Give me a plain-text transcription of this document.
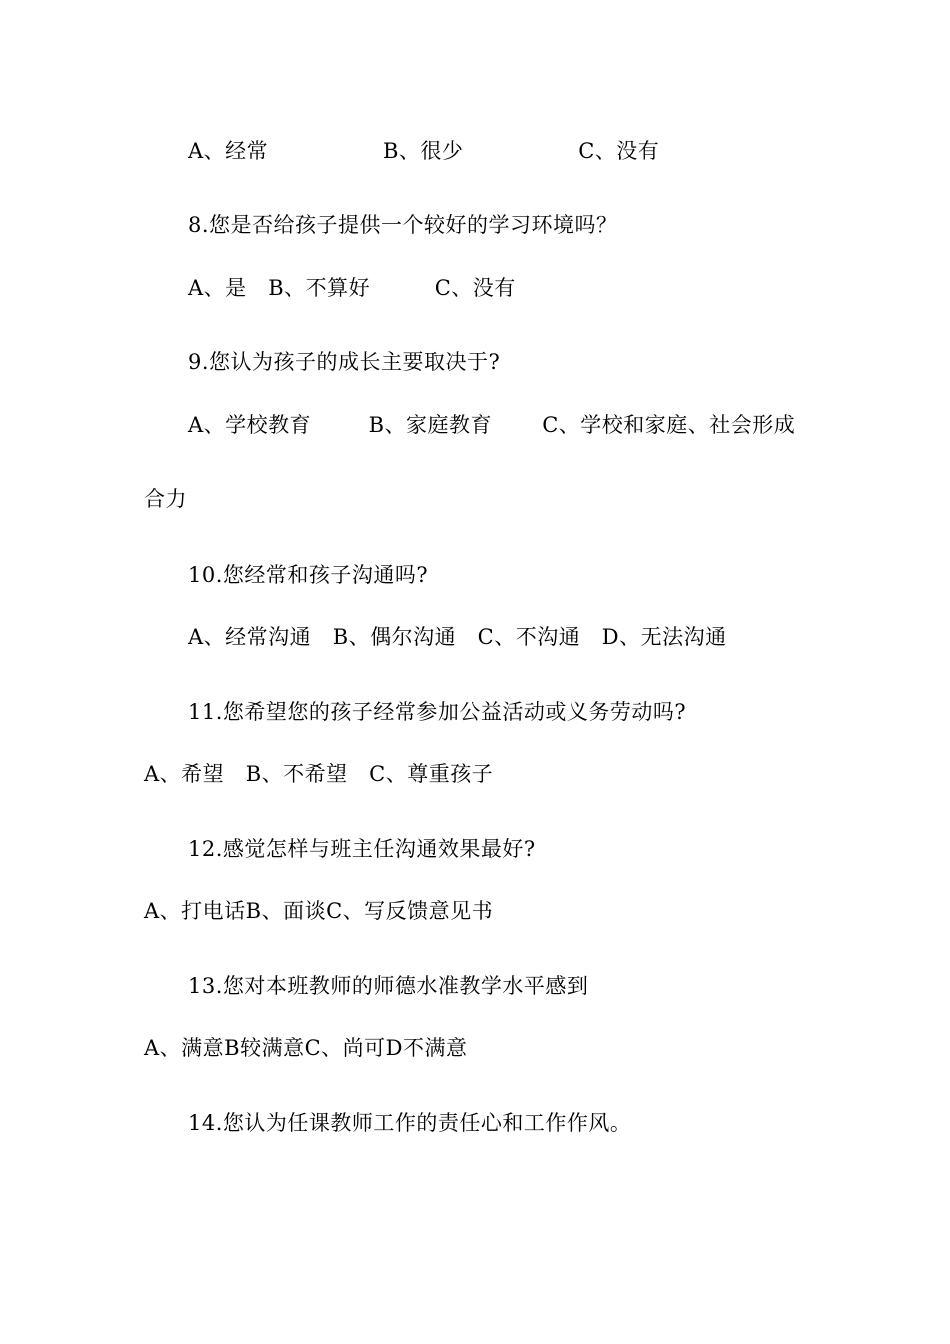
A、经常                B、很少                C、没有
8.您是否给孩子提供一个较好的学习环境吗？
A、是   B、不算好         C、没有
9.您认为孩子的成长主要取决于?
A、学校教育        B、家庭教育       C、学校和家庭、社会形成
合力
10.您经常和孩子沟通吗?
A、经常沟通   B、偶尔沟通   C、不沟通   D、无法沟通
11.您希望您的孩子经常参加公益活动或义务劳动吗?
A、希望   B、不希望   C、尊重孩子
12.感觉怎样与班主任沟通效果最好?
A、打电话B、面谈C、写反馈意见书
13.您对本班教师的师德水准教学水平感到
A、满意B较满意C、尚可D不满意
14.您认为任课教师工作的责任心和工作作风。
